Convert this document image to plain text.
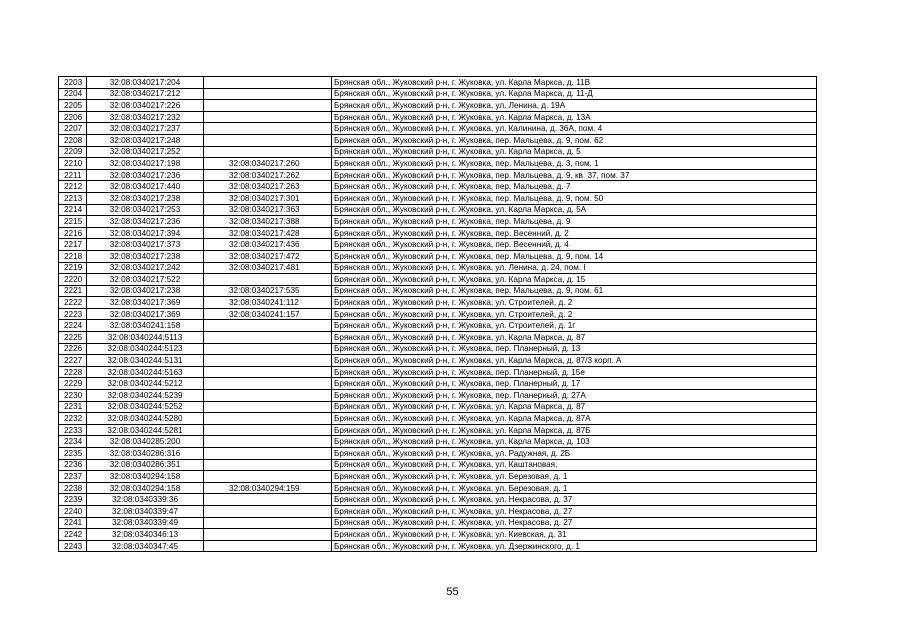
2203	32:08:0340217:204		Брянская обл., Жуковский р-н, г. Жуковка, ул. Карла Маркса, д. 11В
2204	32:08:0340217:212		Брянская обл., Жуковский р-н, г. Жуковка, ул. Карла Маркса, д. 11-Д
2205	32:08:0340217:226		Брянская обл., Жуковский р-н, г. Жуковка, ул. Ленина, д. 19А
2206	32:08:0340217:232		Брянская обл., Жуковский р-н, г. Жуковка, ул. Карла Маркса, д. 13А
2207	32:08:0340217:237		Брянская обл., Жуковский р-н, г. Жуковка, ул. Калинина, д. 36А, пом. 4
2208	32:08:0340217:248		Брянская обл., Жуковский р-н, г. Жуковка, пер. Мальцева, д. 9, пом. 62
2209	32:08:0340217:252		Брянская обл., Жуковский р-н, г. Жуковка, ул. Карла Маркса, д. 5
2210	32:08:0340217:198	32:08:0340217:260	Брянская обл., Жуковский р-н, г. Жуковка, пер. Мальцева, д. 3, пом. 1
2211	32:08:0340217:236	32:08:0340217:262	Брянская обл., Жуковский р-н, г. Жуковка, пер. Мальцева, д. 9, кв. 37, пом. 37
2212	32:08:0340217:440	32:08:0340217:263	Брянская обл., Жуковский р-н, г. Жуковка, пер. Мальцева, д. 7
2213	32:08:0340217:238	32:08:0340217:301	Брянская обл., Жуковский р-н, г. Жуковка, пер. Мальцева, д. 9, пом. 50
2214	32:08:0340217:253	32:08:0340217:363	Брянская обл., Жуковский р-н, г. Жуковка, ул. Карла Маркса, д. 5А
2215	32:08:0340217:236	32:08:0340217:388	Брянская обл., Жуковский р-н, г. Жуковка, пер. Мальцева, д. 9
2216	32:08:0340217:394	32:08:0340217:428	Брянская обл., Жуковский р-н, г. Жуковка, пер. Весенний, д. 2
2217	32:08:0340217:373	32:08:0340217:436	Брянская обл., Жуковский р-н, г. Жуковка, пер. Весенний, д. 4
2218	32:08:0340217:238	32:08:0340217:472	Брянская обл., Жуковский р-н, г. Жуковка, пер. Мальцева, д. 9, пом. 14
2219	32:08:0340217:242	32:08:0340217:481	Брянская обл., Жуковский р-н, г. Жуковка, ул. Ленина, д. 24, пом. I
2220	32:08:0340217:522		Брянская обл., Жуковский р-н, г. Жуковка, ул. Карла Маркса, д. 15
2221	32:08:0340217:238	32:08:0340217:535	Брянская обл., Жуковский р-н, г. Жуковка, пер. Мальцева, д. 9, пом. 61
2222	32:08:0340217:369	32:08:0340241:112	Брянская обл., Жуковский р-н, г. Жуковка, ул. Строителей, д. 2
2223	32:08:0340217:369	32:08:0340241:157	Брянская обл., Жуковский р-н, г. Жуковка, ул. Строителей, д. 2
2224	32:08:0340241:158		Брянская обл., Жуковский р-н, г. Жуковка, ул. Строителей, д. 1г
2225	32:08:0340244:5113		Брянская обл., Жуковский р-н, г. Жуковка, ул. Карла Маркса, д. 87
2226	32:08:0340244:5123		Брянская обл., Жуковский р-н, г. Жуковка, пер. Планерный, д. 13
2227	32:08:0340244:5131		Брянская обл., Жуковский р-н, г. Жуковка, ул. Карла Маркса, д. 87/3 корп. А
2228	32:08:0340244:5163		Брянская обл., Жуковский р-н, г. Жуковка, пер. Планерный, д. 15е
2229	32:08:0340244:5212		Брянская обл., Жуковский р-н, г. Жуковка, пер. Планерный, д. 17
2230	32:08:0340244:5239		Брянская обл., Жуковский р-н, г. Жуковка, пер. Планерный, д. 27А
2231	32:08:0340244:5252		Брянская обл., Жуковский р-н, г. Жуковка, ул. Карла Маркса, д. 87
2232	32:08:0340244:5280		Брянская обл., Жуковский р-н, г. Жуковка, ул. Карла Маркса, д. 87А
2233	32:08:0340244:5281		Брянская обл., Жуковский р-н, г. Жуковка, ул. Карла Маркса, д. 87Б
2234	32:08:0340285:200		Брянская обл., Жуковский р-н, г. Жуковка, ул. Карла Маркса, д. 103
2235	32:08:0340286:316		Брянская обл., Жуковский р-н, г. Жуковка, ул. Радужная, д. 2Б
2236	32:08:0340286:351		Брянская обл., Жуковский р-н, г. Жуковка, ул. Каштановая,
2237	32:08:0340294:158		Брянская обл., Жуковский р-н, г. Жуковка, ул. Березовая, д. 1
2238	32:08:0340294:158	32:08:0340294:159	Брянская обл., Жуковский р-н, г. Жуковка, ул. Березовая, д. 1
2239	32:08:0340339:36		Брянская обл., Жуковский р-н, г. Жуковка, ул. Некрасова, д. 37
2240	32:08:0340339:47		Брянская обл., Жуковский р-н, г. Жуковка, ул. Некрасова, д. 27
2241	32:08:0340339:49		Брянская обл., Жуковский р-н, г. Жуковка, ул. Некрасова, д. 27
2242	32:08:0340346:13		Брянская обл., Жуковский р-н, г. Жуковка, ул. Киевская, д. 31
2243	32:08:0340347:45		Брянская обл., Жуковский р-н, г. Жуковка, ул. Дзержинского, д. 1
55
